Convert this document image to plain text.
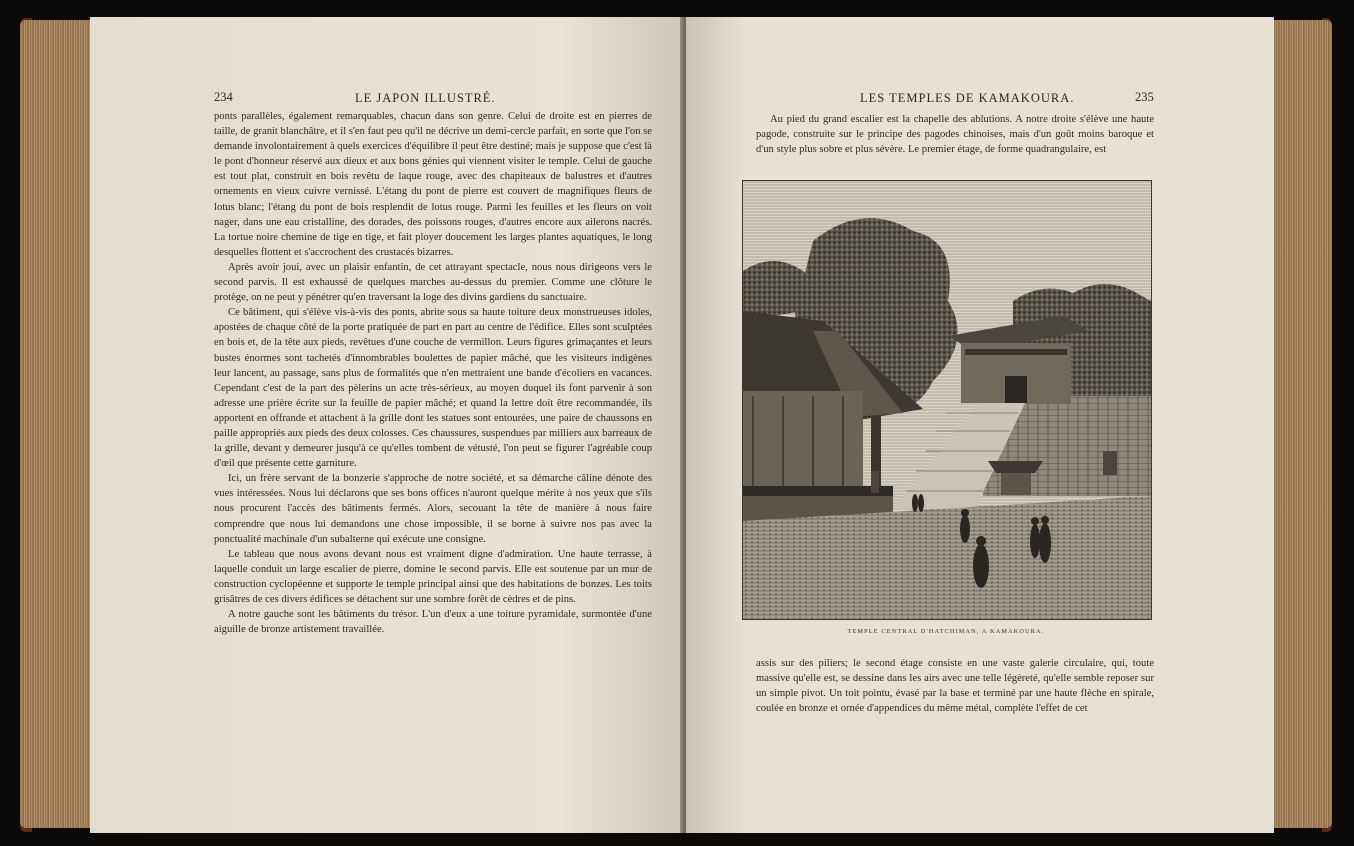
234	LE JAPON ILLUSTRÉ.

ponts parallèles, également remarquables, chacun dans son genre. Celui de droite est en pierres de taille, de granit blanchâtre, et il s'en faut peu qu'il ne décrive un demi-cercle parfait, en sorte que l'on se demande involontairement à quels exercices d'équilibre il peut être destiné; mais je suppose que c'est là le pont d'honneur réservé aux dieux et aux bons génies qui viennent visiter le temple. Celui de gauche est tout plat, construit en bois revêtu de laque rouge, avec des chapiteaux de balustres et d'autres ornements en vieux cuivre vernissé. L'étang du pont de pierre est couvert de magnifiques fleurs de lotus blanc; l'étang du pont de bois resplendit de lotus rouge. Parmi les feuilles et les fleurs on voit nager, dans une eau cristalline, des dorades, des poissons rouges, d'autres encore aux ailerons nacrés. La tortue noire chemine de tige en tige, et fait ployer doucement les larges plantes aquatiques, le long desquelles flottent et s'accrochent des crustacés bizarres.

Après avoir joui, avec un plaisir enfantin, de cet attrayant spectacle, nous nous dirigeons vers le second parvis. Il est exhaussé de quelques marches au-dessus du premier. Comme une clôture le protège, on ne peut y pénétrer qu'en traversant la loge des divins gardiens du sanctuaire.

Ce bâtiment, qui s'élève vis-à-vis des ponts, abrite sous sa haute toiture deux monstrueuses idoles, apostées de chaque côté de la porte pratiquée de part en part au centre de l'édifice. Elles sont sculptées en bois et, de la tête aux pieds, revêtues d'une couche de vermillon. Leurs figures grimaçantes et leurs bustes énormes sont tachetés d'innombrables boulettes de papier mâché, que les visiteurs indigènes leur lancent, au passage, sans plus de formalités que n'en mettraient une bande d'écoliers en vacances. Cependant c'est de la part des pèlerins un acte très-sérieux, au moyen duquel ils font parvenir à son adresse une prière écrite sur la feuille de papier mâché; et quand la lettre doit être recommandée, ils apportent en offrande et attachent à la grille dont les statues sont entourées, une paire de chaussons en paille appropriés aux pieds des deux colosses. Ces chaussures, suspendues par milliers aux barreaux de la grille, devant y demeurer jusqu'à ce qu'elles tombent de vétusté, l'on peut se figurer l'agréable coup d'œil que présente cette garniture.

Ici, un frère servant de la bonzerie s'approche de notre société, et sa démarche câline dénote des vues intéressées. Nous lui déclarons que ses bons offices n'auront quelque mérite à nos yeux que s'ils nous procurent l'accès des bâtiments fermés. Alors, secouant la tête de manière à nous faire comprendre que nous lui demandons une chose impossible, il se borne à suivre nos pas avec la ponctualité machinale d'un subalterne qui exécute une consigne.

Le tableau que nous avons devant nous est vraiment digne d'admiration. Une haute terrasse, à laquelle conduit un large escalier de pierre, domine le second parvis. Elle est soutenue par un mur de construction cyclopéenne et supporte le temple principal ainsi que des habitations de bonzes. Les toits grisâtres de ces divers édifices se détachent sur une sombre forêt de cèdres et de pins.

A notre gauche sont les bâtiments du trésor. L'un d'eux a une toiture pyramidale, surmontée d'une aiguille de bronze artistement travaillée.

LES TEMPLES DE KAMAKOURA.	235

Au pied du grand escalier est la chapelle des ablutions. A notre droite s'élève une haute pagode, construite sur le principe des pagodes chinoises, mais d'un goût moins baroque et d'un style plus sobre et plus sévère. Le premier étage, de forme quadrangulaire, est

TEMPLE CENTRAL D'HATCHIMAN, A KAMAKOURA.

assis sur des piliers; le second étage consiste en une vaste galerie circulaire, qui, toute massive qu'elle est, se dessine dans les airs avec une telle légèreté, qu'elle semble reposer sur un simple pivot. Un toit pointu, évasé par la base et terminé par une haute flèche en spirale, coulée en bronze et ornée d'appendices du même métal, complète l'effet de cet
